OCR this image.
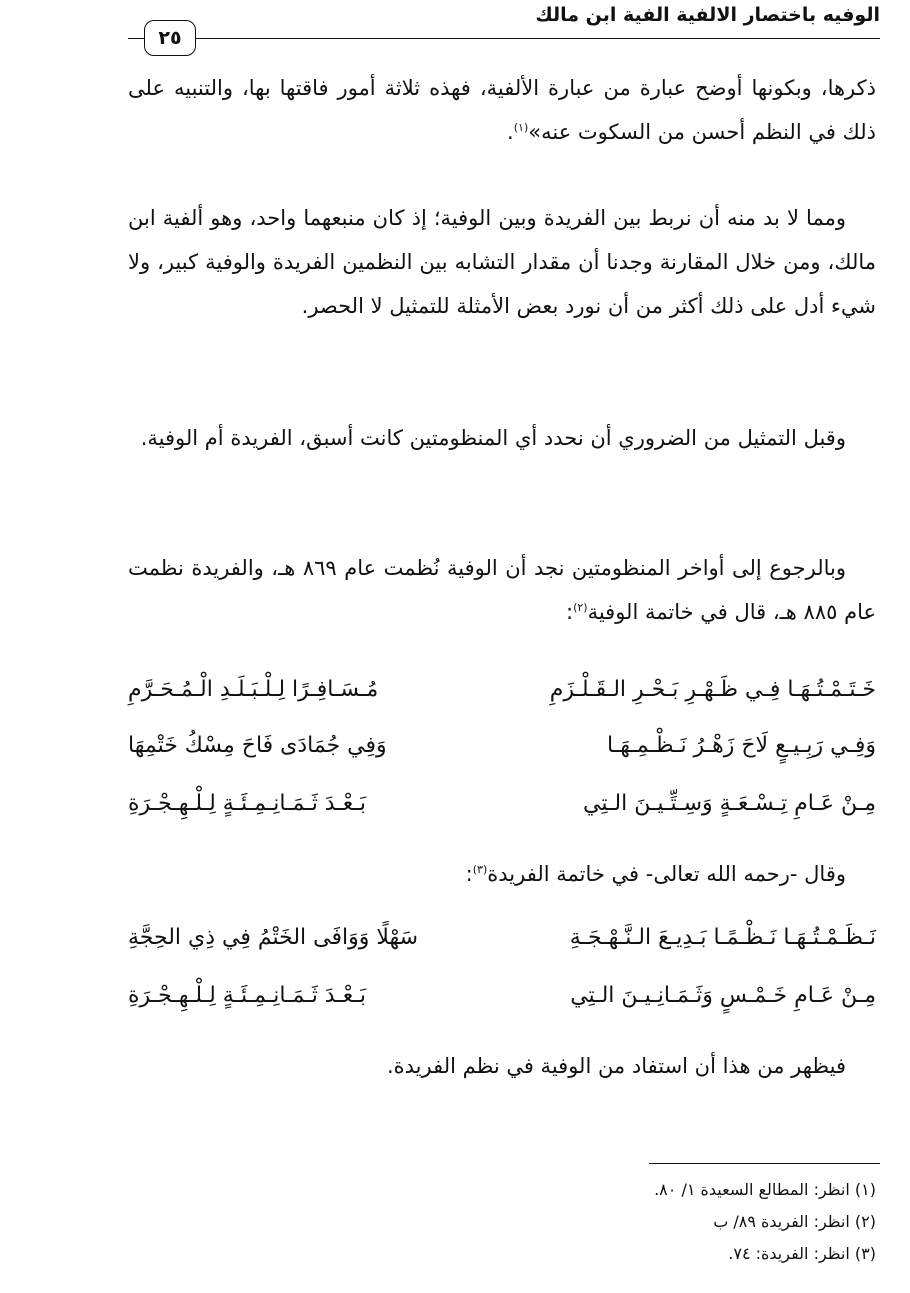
الوفيه باختصار الالفية الفية ابن مالك
٢٥

ذكرها، وبكونها أوضح عبارة من عبارة الألفية، فهذه ثلاثة أمور فاقتها بها، والتنبيه على ذلك في النظم أحسن من السكوت عنه»$^{(١)}$.

ومما لا بد منه أن نربط بين الفريدة وبين الوفية؛ إذ كان منبعهما واحد، وهو ألفية ابن مالك، ومن خلال المقارنة وجدنا أن مقدار التشابه بين النظمين الفريدة والوفية كبير، ولا شيء أدل على ذلك أكثر من أن نورد بعض الأمثلة للتمثيل لا الحصر.

وقبل التمثيل من الضروري أن نحدد أي المنظومتين كانت أسبق، الفريدة أم الوفية.

وبالرجوع إلى أواخر المنظومتين نجد أن الوفية نُظمت عام ٨٦٩ هـ، والفريدة نظمت عام ٨٨٥ هـ، قال في خاتمة الوفية$^{(٢)}$:

خَـتَـمْـتُـهَـا فِـي ظَـهْـرِ بَـحْـرِ الـقَـلْـزَمِ
مُـسَـافِـرًا لِـلْـبَـلَـدِ الْـمُـحَـرَّمِ
وَفِـي رَبِـيـعٍ لَاحَ زَهْـرُ نَـظْـمِـهَـا
وَفِي جُمَادَى فَاحَ مِسْكُ خَتْمِهَا
مِـنْ عَـامِ تِـسْـعَـةٍ وَسِـتِّـيـنَ الـتِي
بَـعْـدَ ثَـمَـانِـمِـئَـةٍ لِـلْـهِـجْـرَةِ

وقال -رحمه الله تعالى- في خاتمة الفريدة$^{(٣)}$:

نَـظَـمْـتُـهَـا نَـظْـمًـا بَـدِيـعَ الـنَّـهْـجَـةِ
سَهْلًا وَوَافَى الخَتْمُ فِي ذِي الحِجَّةِ
مِـنْ عَـامِ خَـمْـسٍ وَثَـمَـانِـيـنَ الـتِي
بَـعْـدَ ثَـمَـانِـمِـئَـةٍ لِـلْـهِـجْـرَةِ

فيظهر من هذا أن استفاد من الوفية في نظم الفريدة.

(١) انظر: المطالع السعيدة ١/ ٨٠.
(٢) انظر: الفريدة ٨٩/ ب
(٣) انظر: الفريدة: ٧٤.
